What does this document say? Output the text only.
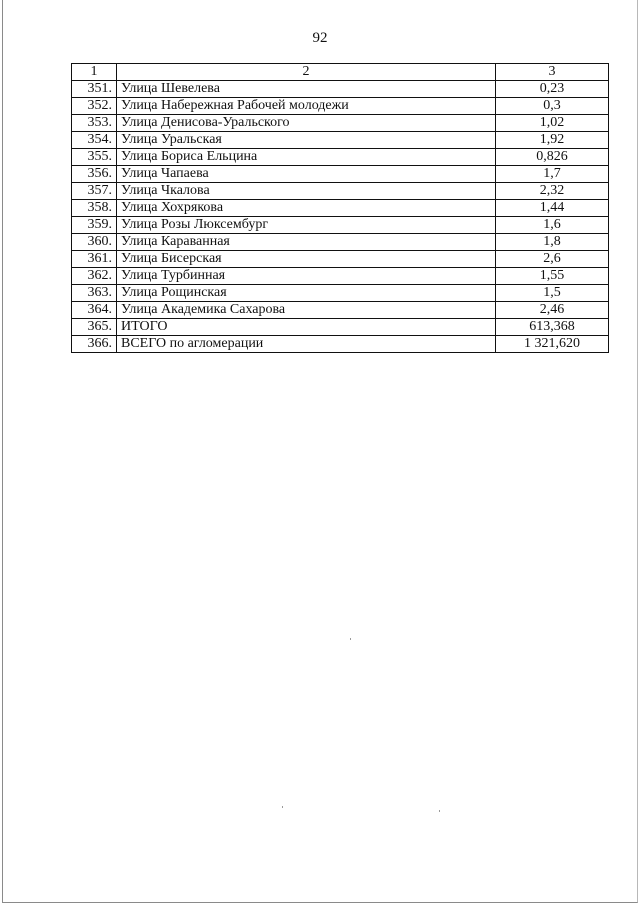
92
1	2	3
351.	Улица Шевелева	0,23
352.	Улица Набережная Рабочей молодежи	0,3
353.	Улица Денисова-Уральского	1,02
354.	Улица Уральская	1,92
355.	Улица Бориса Ельцина	0,826
356.	Улица Чапаева	1,7
357.	Улица Чкалова	2,32
358.	Улица Хохрякова	1,44
359.	Улица Розы Люксембург	1,6
360.	Улица Караванная	1,8
361.	Улица Бисерская	2,6
362.	Улица Турбинная	1,55
363.	Улица Рощинская	1,5
364.	Улица Академика Сахарова	2,46
365.	ИТОГО	613,368
366.	ВСЕГО по агломерации	1 321,620
